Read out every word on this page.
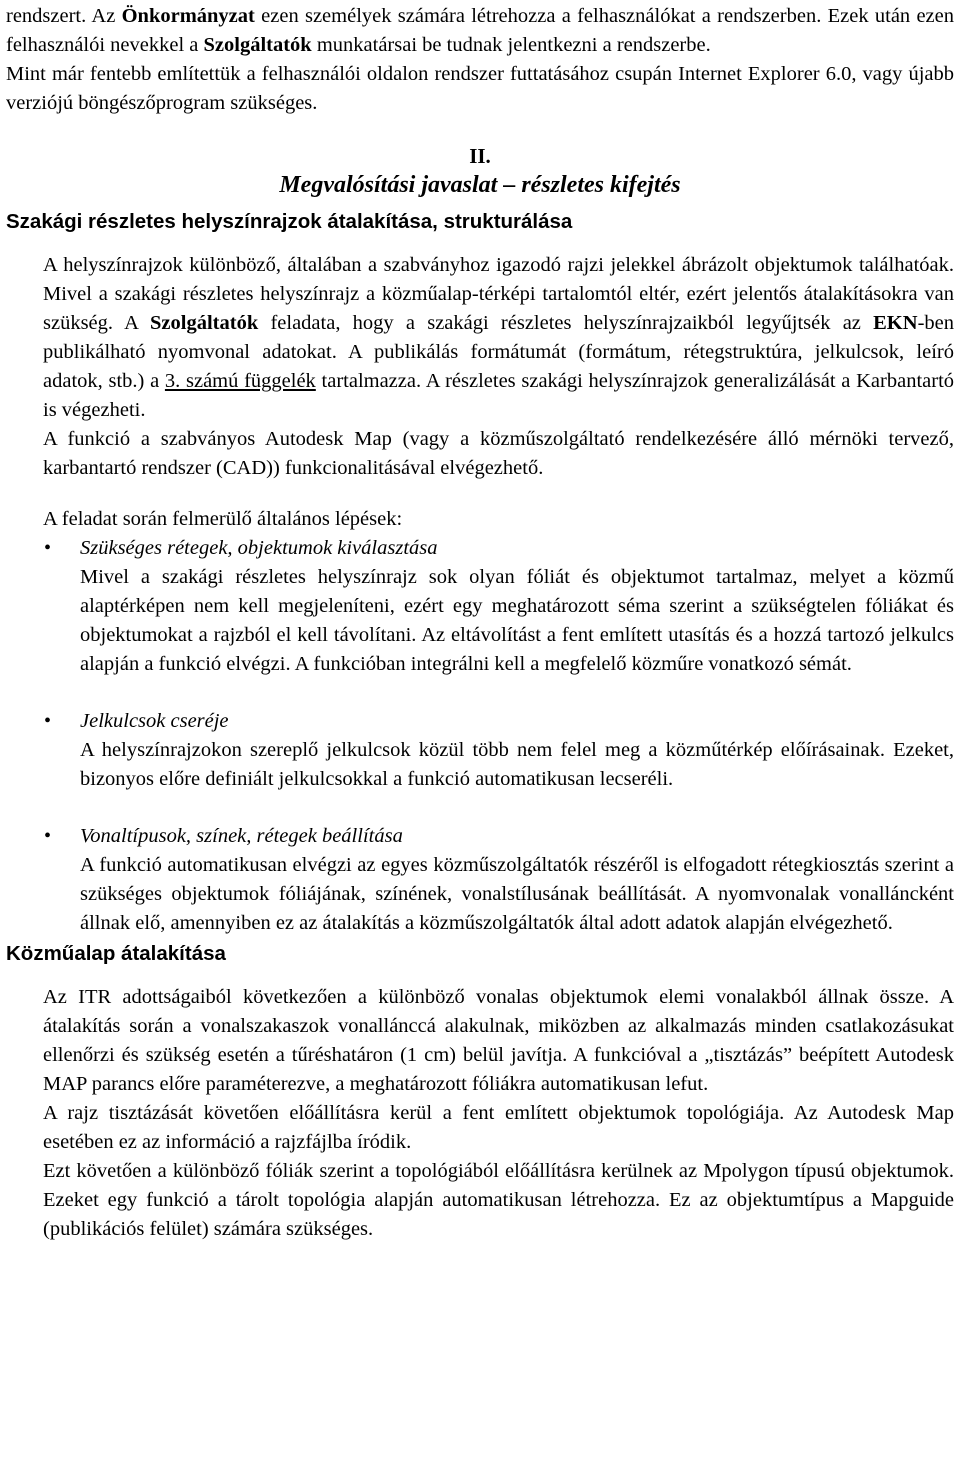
rendszert. Az Önkormányzat ezen személyek számára létrehozza a felhasználókat a rendszerben. Ezek után ezen felhasználói nevekkel a Szolgáltatók munkatársai be tudnak jelentkezni a rendszerbe.

Mint már fentebb említettük a felhasználói oldalon rendszer futtatásához csupán Internet Explorer 6.0, vagy újabb verziójú böngészőprogram szükséges.

II.
Megvalósítási javaslat – részletes kifejtés
Szakági részletes helyszínrajzok átalakítása, strukturálása

A helyszínrajzok különböző, általában a szabványhoz igazodó rajzi jelekkel ábrázolt objektumok találhatóak. Mivel a szakági részletes helyszínrajz a közműalap-térképi tartalomtól eltér, ezért jelentős átalakításokra van szükség. A Szolgáltatók feladata, hogy a szakági részletes helyszínrajzaikból legyűjtsék az EKN-ben publikálható nyomvonal adatokat. A publikálás formátumát (formátum, rétegstruktúra, jelkulcsok, leíró adatok, stb.) a 3. számú függelék tartalmazza. A részletes szakági helyszínrajzok generalizálását a Karbantartó is végezheti.

A funkció a szabványos Autodesk Map (vagy a közműszolgáltató rendelkezésére álló mérnöki tervező, karbantartó rendszer (CAD)) funkcionalitásával elvégezhető.

A feladat során felmerülő általános lépések:

• Szükséges rétegek, objektumok kiválasztása

Mivel a szakági részletes helyszínrajz sok olyan fóliát és objektumot tartalmaz, melyet a közmű alaptérképen nem kell megjeleníteni, ezért egy meghatározott séma szerint a szükségtelen fóliákat és objektumokat a rajzból el kell távolítani. Az eltávolítást a fent említett utasítás és a hozzá tartozó jelkulcs alapján a funkció elvégzi. A funkcióban integrálni kell a megfelelő közműre vonatkozó sémát.

• Jelkulcsok cseréje

A helyszínrajzokon szereplő jelkulcsok közül több nem felel meg a közműtérkép előírásainak. Ezeket, bizonyos előre definiált jelkulcsokkal a funkció automatikusan lecseréli.

• Vonaltípusok, színek, rétegek beállítása

A funkció automatikusan elvégzi az egyes közműszolgáltatók részéről is elfogadott rétegkiosztás szerint a szükséges objektumok fóliájának, színének, vonalstílusának beállítását. A nyomvonalak vonalláncként állnak elő, amennyiben ez az átalakítás a közműszolgáltatók által adott adatok alapján elvégezhető.

Közműalap átalakítása

Az ITR adottságaiból következően a különböző vonalas objektumok elemi vonalakból állnak össze. A átalakítás során a vonalszakaszok vonallánccá alakulnak, miközben az alkalmazás minden csatlakozásukat ellenőrzi és szükség esetén a tűréshatáron (1 cm) belül javítja. A funkcióval a „tisztázás” beépített Autodesk MAP parancs előre paraméterezve, a meghatározott fóliákra automatikusan lefut.

A rajz tisztázását követően előállításra kerül a fent említett objektumok topológiája. Az Autodesk Map esetében ez az információ a rajzfájlba íródik.

Ezt követően a különböző fóliák szerint a topológiából előállításra kerülnek az Mpolygon típusú objektumok. Ezeket egy funkció a tárolt topológia alapján automatikusan létrehozza. Ez az objektumtípus a Mapguide (publikációs felület) számára szükséges.
